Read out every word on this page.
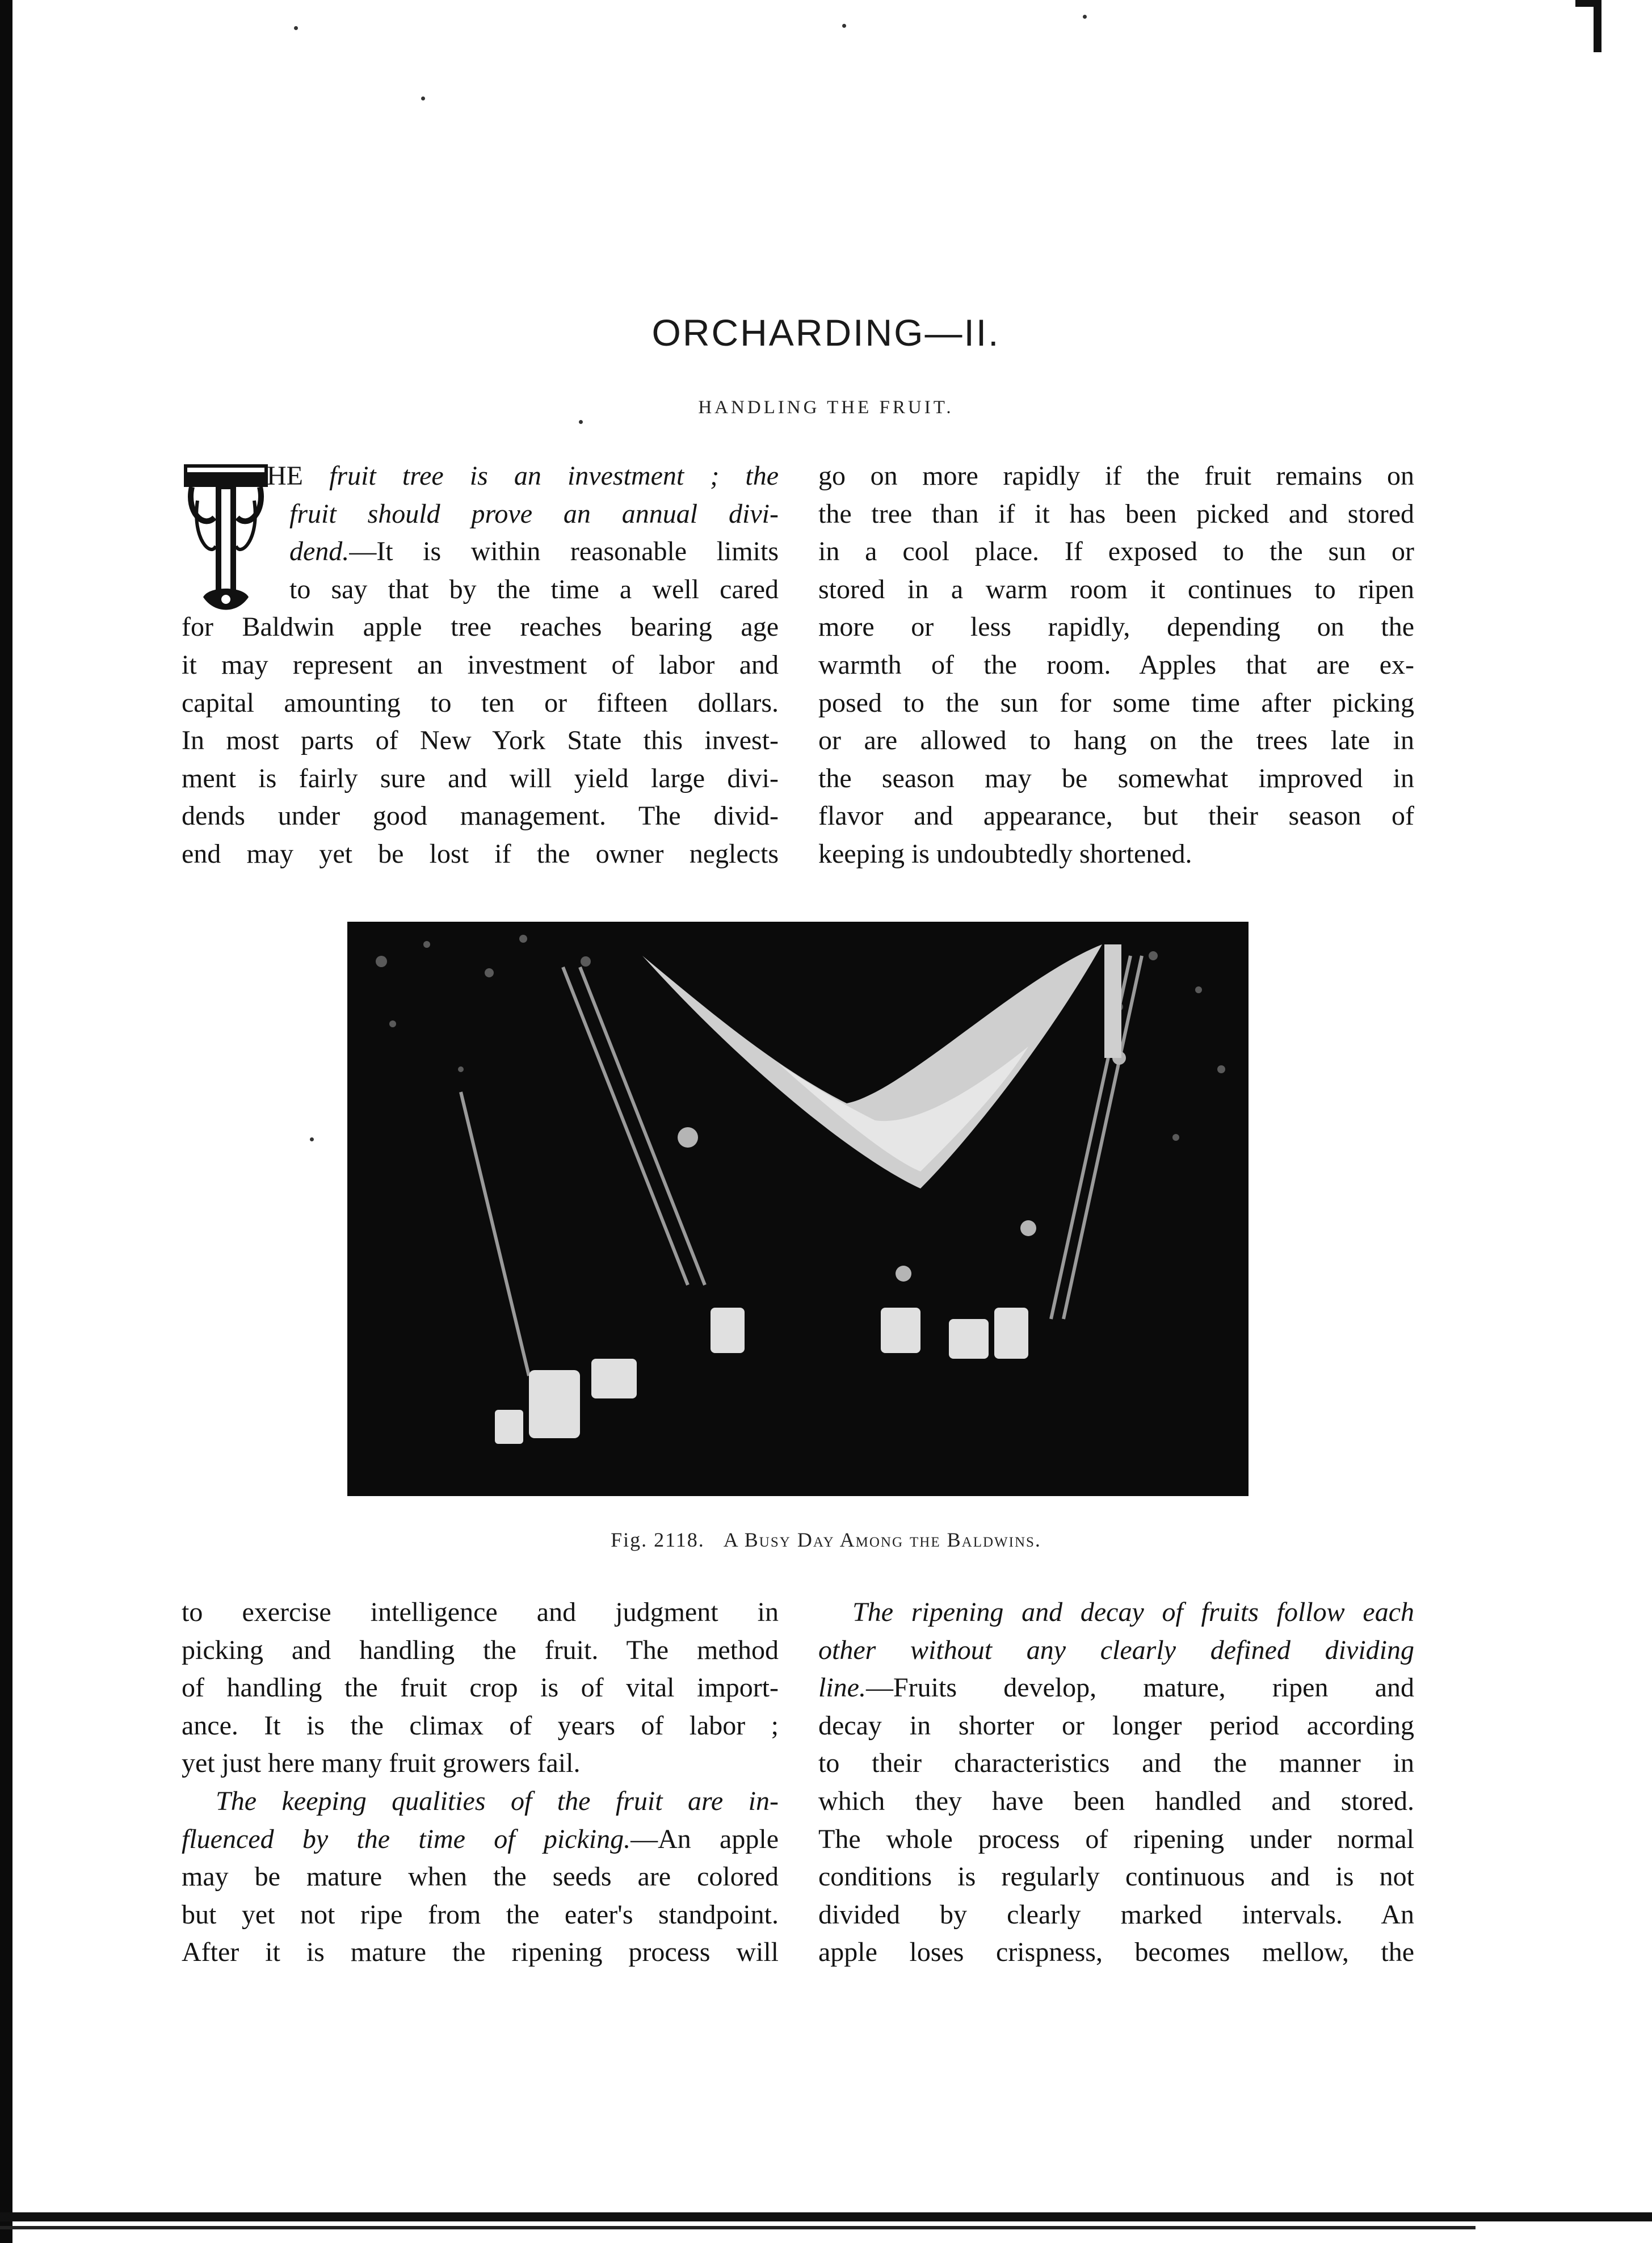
ORCHARDING—II.
HANDLING THE FRUIT.
HE fruit tree is an investment ; the
fruit should prove an annual divi-
dend.—It is within reasonable limits
to say that by the time a well cared
for Baldwin apple tree reaches bearing age
it may represent an investment of labor and
capital amounting to ten or fifteen dollars.
In most parts of New York State this invest-
ment is fairly sure and will yield large divi-
dends under good management. The divid-
end may yet be lost if the owner neglects
go on more rapidly if the fruit remains on
the tree than if it has been picked and stored
in a cool place. If exposed to the sun or
stored in a warm room it continues to ripen
more or less rapidly, depending on the
warmth of the room. Apples that are ex-
posed to the sun for some time after picking
or are allowed to hang on the trees late in
the season may be somewhat improved in
flavor and appearance, but their season of
keeping is undoubtedly shortened.
Fig. 2118. A Busy Day Among the Baldwins.
to exercise intelligence and judgment in
picking and handling the fruit. The method
of handling the fruit crop is of vital import-
ance. It is the climax of years of labor ;
yet just here many fruit growers fail.
The keeping qualities of the fruit are in-
fluenced by the time of picking.—An apple
may be mature when the seeds are colored
but yet not ripe from the eater's standpoint.
After it is mature the ripening process will
The ripening and decay of fruits follow each
other without any clearly defined dividing
line.—Fruits develop, mature, ripen and
decay in shorter or longer period according
to their characteristics and the manner in
which they have been handled and stored.
The whole process of ripening under normal
conditions is regularly continuous and is not
divided by clearly marked intervals. An
apple loses crispness, becomes mellow, the
